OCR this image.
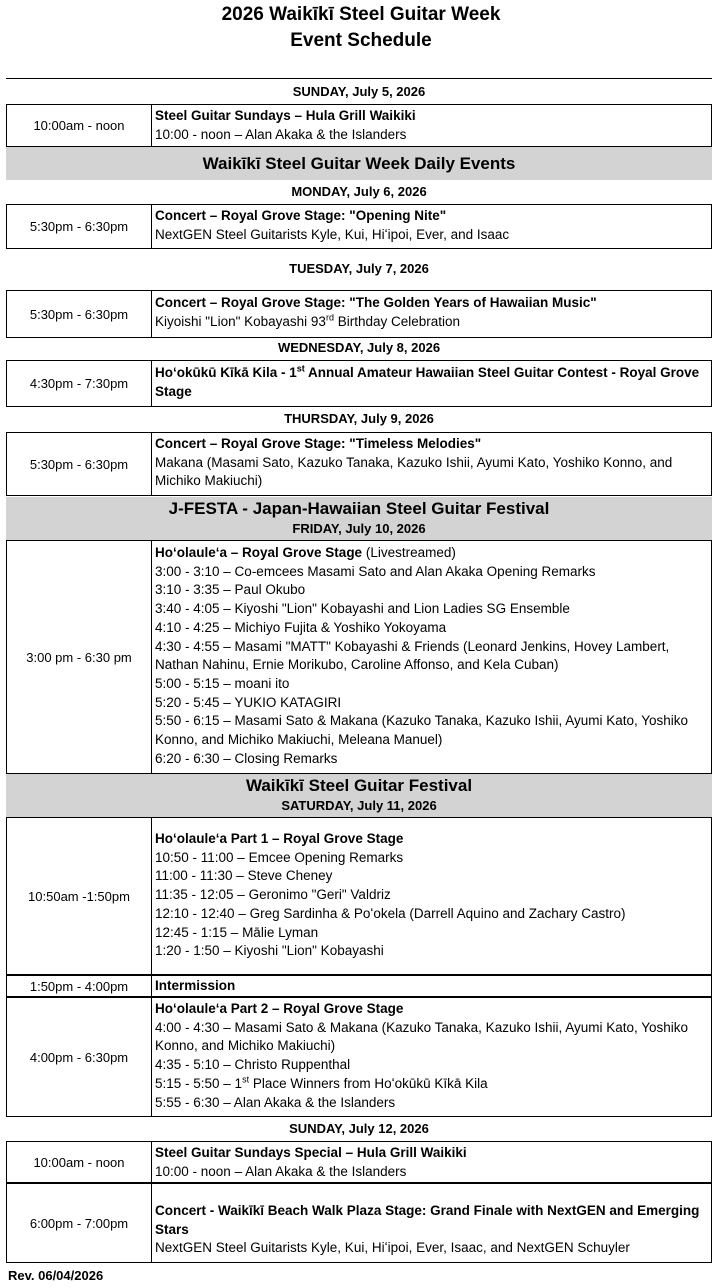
2026 Waikīkī Steel Guitar Week
Event Schedule
SUNDAY, July 5, 2026
10:00am - noon
Steel Guitar Sundays – Hula Grill Waikiki
10:00 - noon – Alan Akaka & the Islanders
Waikīkī Steel Guitar Week Daily Events
MONDAY, July 6, 2026
5:30pm - 6:30pm
Concert – Royal Grove Stage: "Opening Nite"
NextGEN Steel Guitarists Kyle, Kui, Hiʻipoi, Ever, and Isaac
TUESDAY, July 7, 2026
5:30pm - 6:30pm
Concert – Royal Grove Stage: "The Golden Years of Hawaiian Music"
Kiyoishi "Lion" Kobayashi 93rd Birthday Celebration
WEDNESDAY, July 8, 2026
4:30pm - 7:30pm
Hoʻokūkū Kīkā Kila - 1st Annual Amateur Hawaiian Steel Guitar Contest - Royal Grove Stage
THURSDAY, July 9, 2026
5:30pm - 6:30pm
Concert – Royal Grove Stage: "Timeless Melodies"
Makana (Masami Sato, Kazuko Tanaka, Kazuko Ishii, Ayumi Kato, Yoshiko Konno, and Michiko Makiuchi)
J-FESTA - Japan-Hawaiian Steel Guitar Festival
FRIDAY, July 10, 2026
3:00 pm - 6:30 pm
Hoʻolauleʻa – Royal Grove Stage (Livestreamed)
3:00 - 3:10 – Co-emcees Masami Sato and Alan Akaka Opening Remarks
3:10 - 3:35 – Paul Okubo
3:40 - 4:05 – Kiyoshi "Lion" Kobayashi and Lion Ladies SG Ensemble
4:10 - 4:25 – Michiyo Fujita & Yoshiko Yokoyama
4:30 - 4:55 – Masami "MATT" Kobayashi & Friends (Leonard Jenkins, Hovey Lambert, Nathan Nahinu, Ernie Morikubo, Caroline Affonso, and Kela Cuban)
5:00 - 5:15 – moani ito
5:20 - 5:45 – YUKIO KATAGIRI
5:50 - 6:15 – Masami Sato & Makana (Kazuko Tanaka, Kazuko Ishii, Ayumi Kato, Yoshiko Konno, and Michiko Makiuchi, Meleana Manuel)
6:20 - 6:30 – Closing Remarks
Waikīkī Steel Guitar Festival
SATURDAY, July 11, 2026
10:50am -1:50pm
Hoʻolauleʻa Part 1 – Royal Grove Stage
10:50 - 11:00 – Emcee Opening Remarks
11:00 - 11:30 – Steve Cheney
11:35 - 12:05 – Geronimo "Geri" Valdriz
12:10 - 12:40 – Greg Sardinha & Poʻokela (Darrell Aquino and Zachary Castro)
12:45 - 1:15 – Mālie Lyman
1:20 - 1:50 – Kiyoshi "Lion" Kobayashi
1:50pm - 4:00pm	Intermission
4:00pm - 6:30pm
Hoʻolauleʻa Part 2 – Royal Grove Stage
4:00 - 4:30 – Masami Sato & Makana (Kazuko Tanaka, Kazuko Ishii, Ayumi Kato, Yoshiko Konno, and Michiko Makiuchi)
4:35 - 5:10 – Christo Ruppenthal
5:15 - 5:50 – 1st Place Winners from Hoʻokūkū Kīkā Kila
5:55 - 6:30 – Alan Akaka & the Islanders
SUNDAY, July 12, 2026
10:00am - noon
Steel Guitar Sundays Special – Hula Grill Waikiki
10:00 - noon – Alan Akaka & the Islanders
6:00pm - 7:00pm
Concert - Waikīkī Beach Walk Plaza Stage: Grand Finale with NextGEN and Emerging Stars
NextGEN Steel Guitarists Kyle, Kui, Hiʻipoi, Ever, Isaac, and NextGEN Schuyler
Rev. 06/04/2026
